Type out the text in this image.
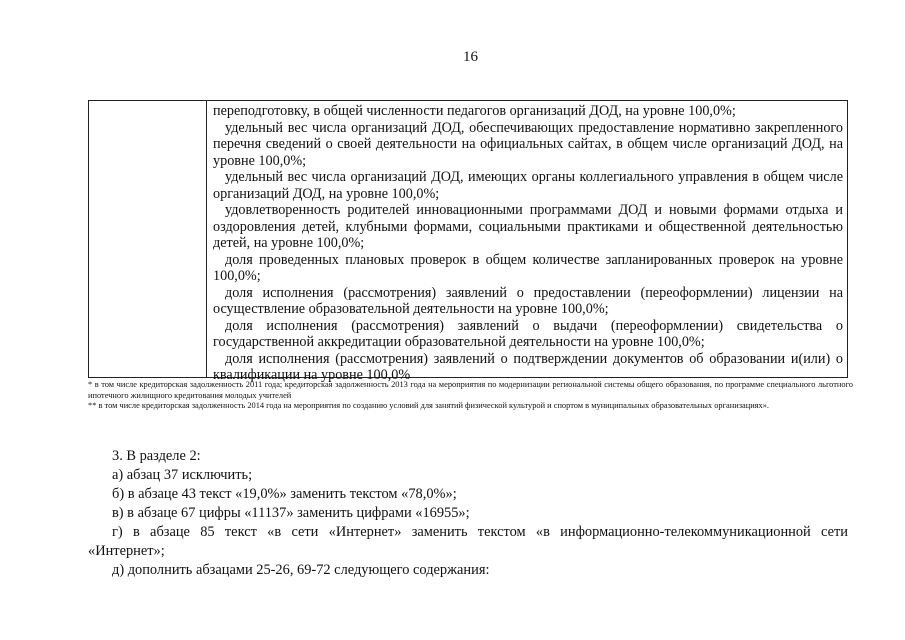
16

переподготовку, в общей численности педагогов организаций ДОД, на уровне 100,0%;

удельный вес числа организаций ДОД, обеспечивающих предоставление нормативно закрепленного перечня сведений о своей деятельности на официальных сайтах, в общем числе организаций ДОД, на уровне 100,0%;

удельный вес числа организаций ДОД, имеющих органы коллегиального управления в общем числе организаций ДОД, на уровне 100,0%;

удовлетворенность родителей инновационными программами ДОД и новыми формами отдыха и оздоровления детей, клубными формами, социальными практиками и общественной деятельностью детей, на уровне 100,0%;

доля проведенных плановых проверок в общем количестве запланированных проверок на уровне 100,0%;

доля исполнения (рассмотрения) заявлений о предоставлении (переоформлении) лицензии на осуществление образовательной деятельности на уровне 100,0%;

доля исполнения (рассмотрения) заявлений о выдачи (переоформлении) свидетельства о государственной аккредитации образовательной деятельности на уровне 100,0%;

доля исполнения (рассмотрения) заявлений о подтверждении документов об образовании и(или) о квалификации на уровне 100,0%

* в том числе кредиторская задолженность 2011 года; кредиторская задолженность 2013 года на мероприятия по модернизации региональной системы общего образования, по программе специального льготного ипотечного жилищного кредитования молодых учителей

** в том числе кредиторская задолженность 2014 года на мероприятия по созданию условий для занятий физической культурой и спортом в муниципальных образовательных организациях».

3. В разделе 2:

а) абзац 37 исключить;

б) в абзаце 43 текст «19,0%» заменить текстом «78,0%»;

в) в абзаце 67 цифры «11137» заменить цифрами «16955»;

г) в абзаце 85 текст «в сети «Интернет» заменить текстом «в информационно-телекоммуникационной сети «Интернет»;

д) дополнить абзацами 25-26, 69-72 следующего содержания:
